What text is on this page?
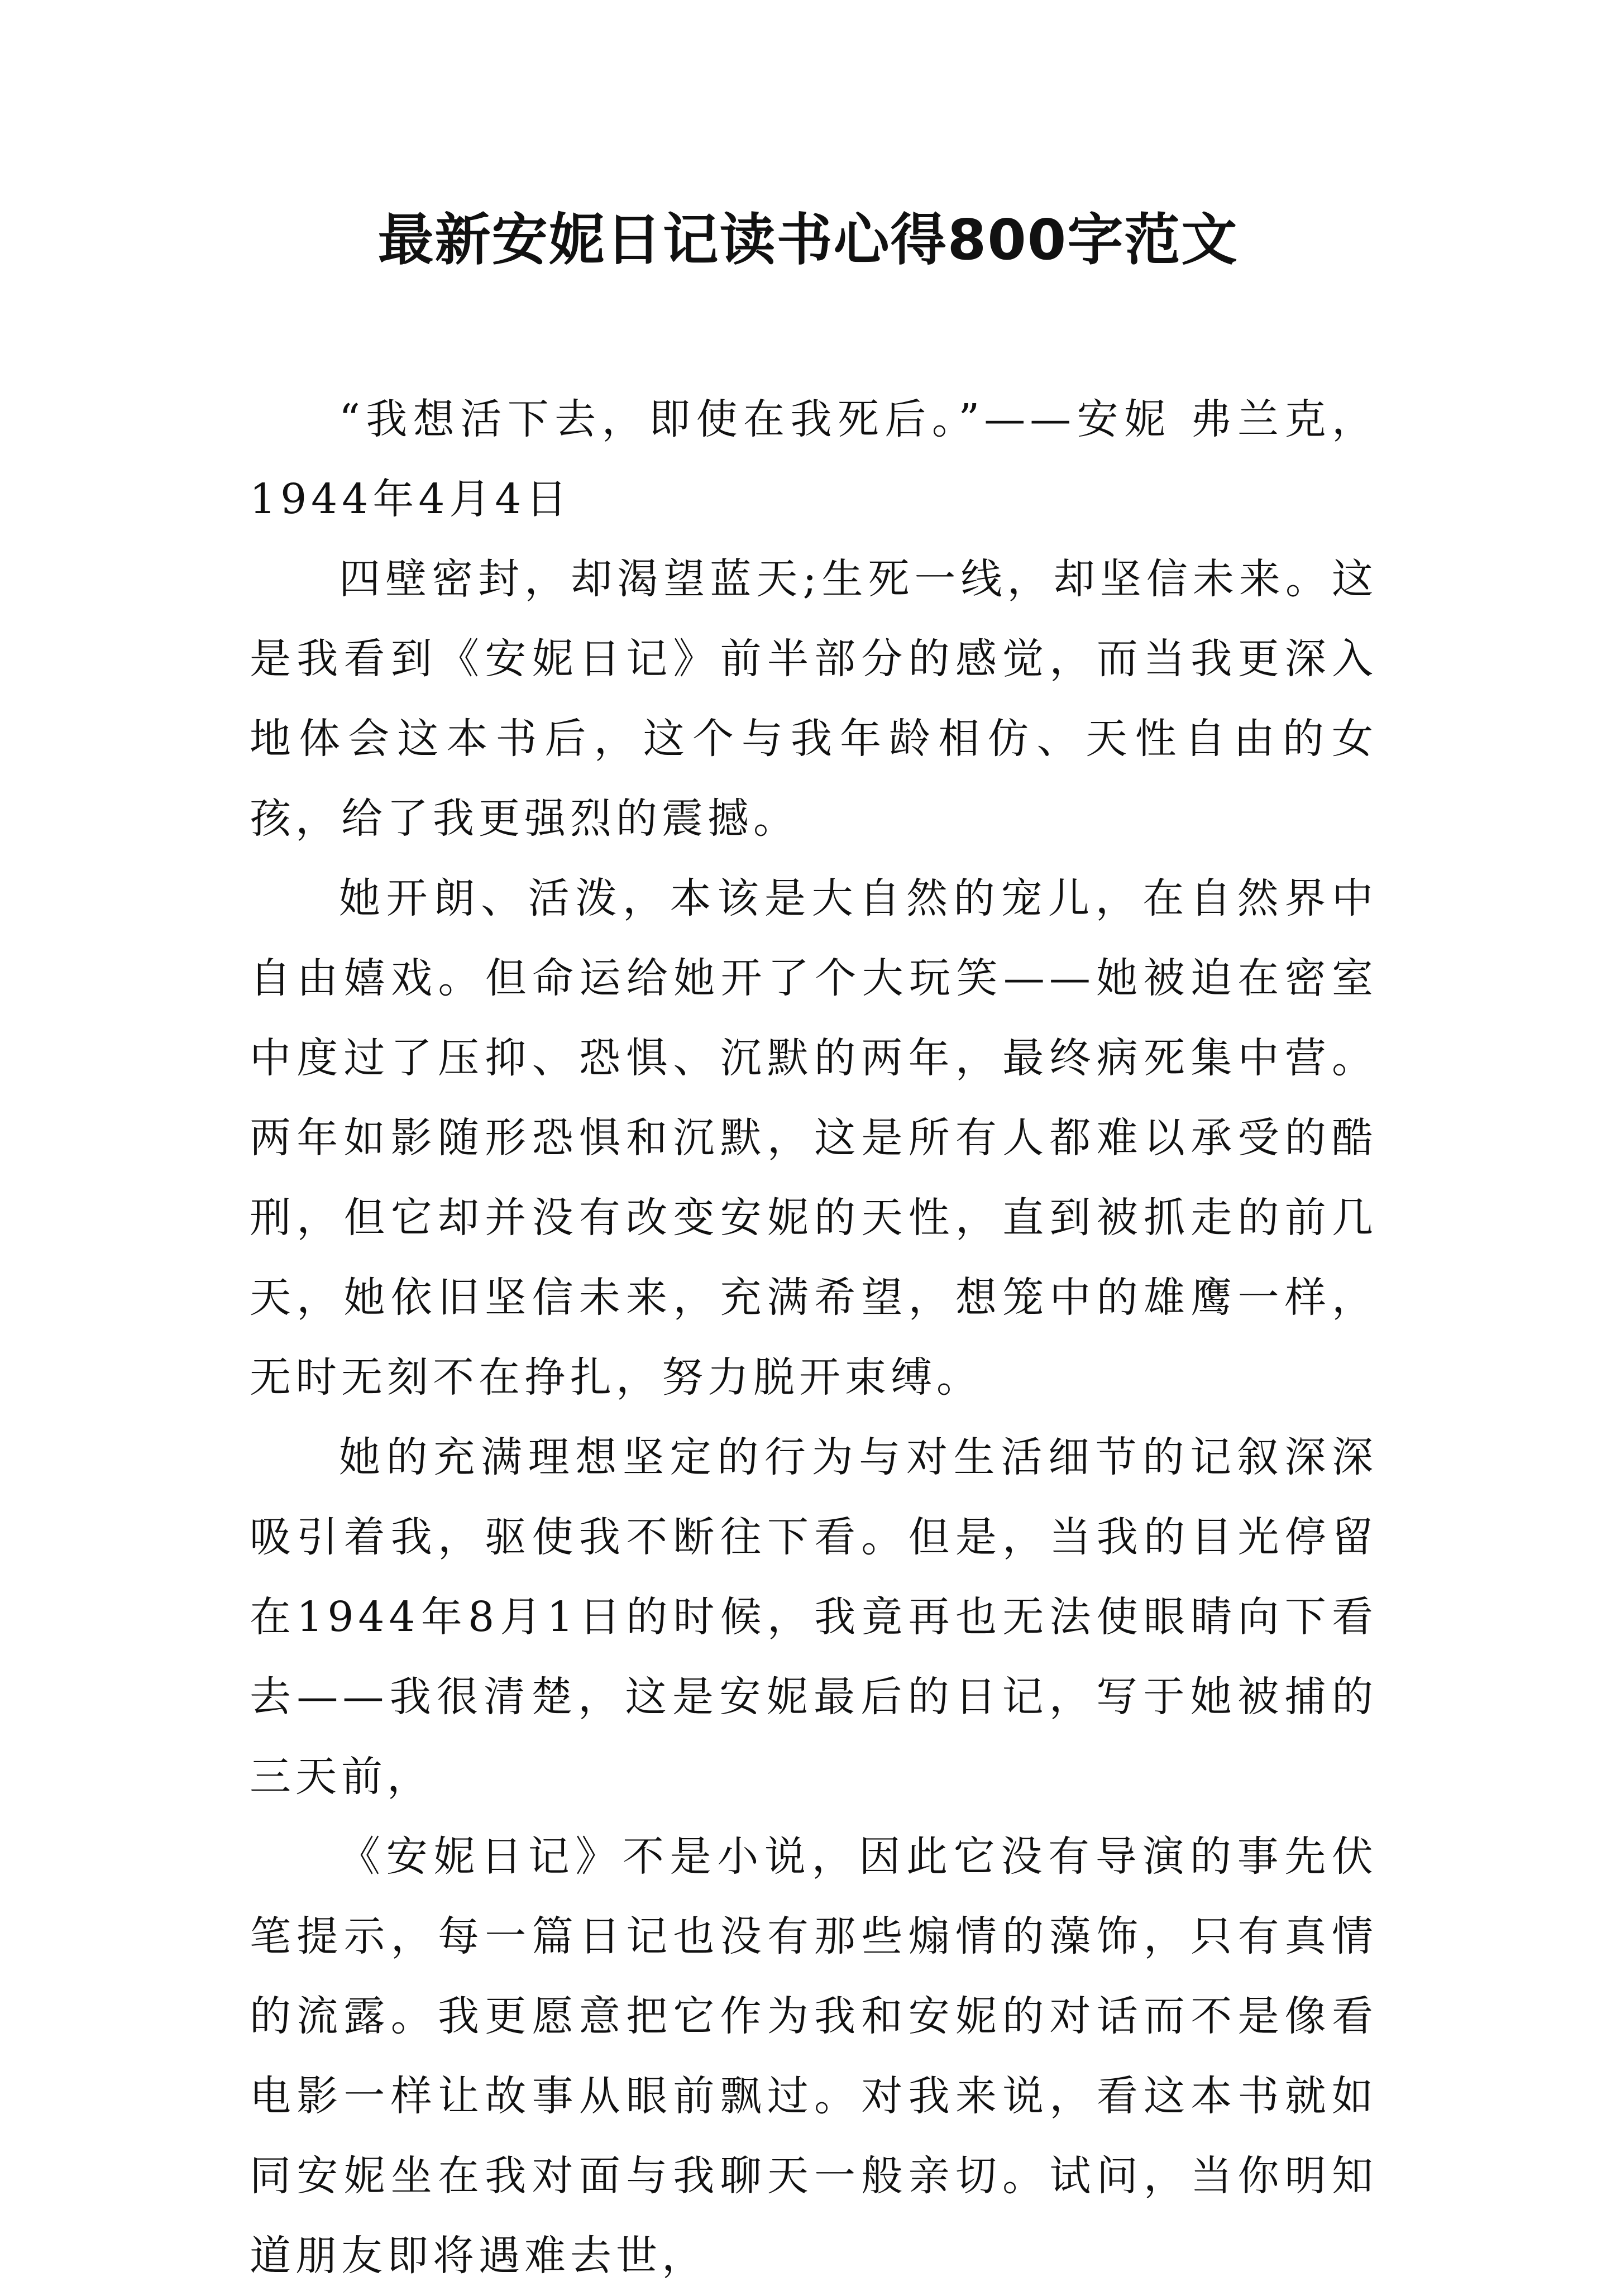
最新安妮日记读书心得800字范文

“我想活下去，即使在我死后。”——安妮 弗兰克，1944年4月4日

四壁密封，却渴望蓝天;生死一线，却坚信未来。这是我看到《安妮日记》前半部分的感觉，而当我更深入地体会这本书后，这个与我年龄相仿、天性自由的女孩，给了我更强烈的震撼。

她开朗、活泼，本该是大自然的宠儿，在自然界中自由嬉戏。但命运给她开了个大玩笑——她被迫在密室中度过了压抑、恐惧、沉默的两年，最终病死集中营。两年如影随形恐惧和沉默，这是所有人都难以承受的酷刑，但它却并没有改变安妮的天性，直到被抓走的前几天，她依旧坚信未来，充满希望，想笼中的雄鹰一样，无时无刻不在挣扎，努力脱开束缚。

她的充满理想坚定的行为与对生活细节的记叙深深吸引着我，驱使我不断往下看。但是，当我的目光停留在1944年8月1日的时候，我竟再也无法使眼睛向下看去——我很清楚，这是安妮最后的日记，写于她被捕的三天前，

《安妮日记》不是小说，因此它没有导演的事先伏笔提示，每一篇日记也没有那些煽情的藻饰，只有真情的流露。我更愿意把它作为我和安妮的对话而不是像看电影一样让故事从眼前飘过。对我来说，看这本书就如同安妮坐在我对面与我聊天一般亲切。试问，当你明知道朋友即将遇难去世，
